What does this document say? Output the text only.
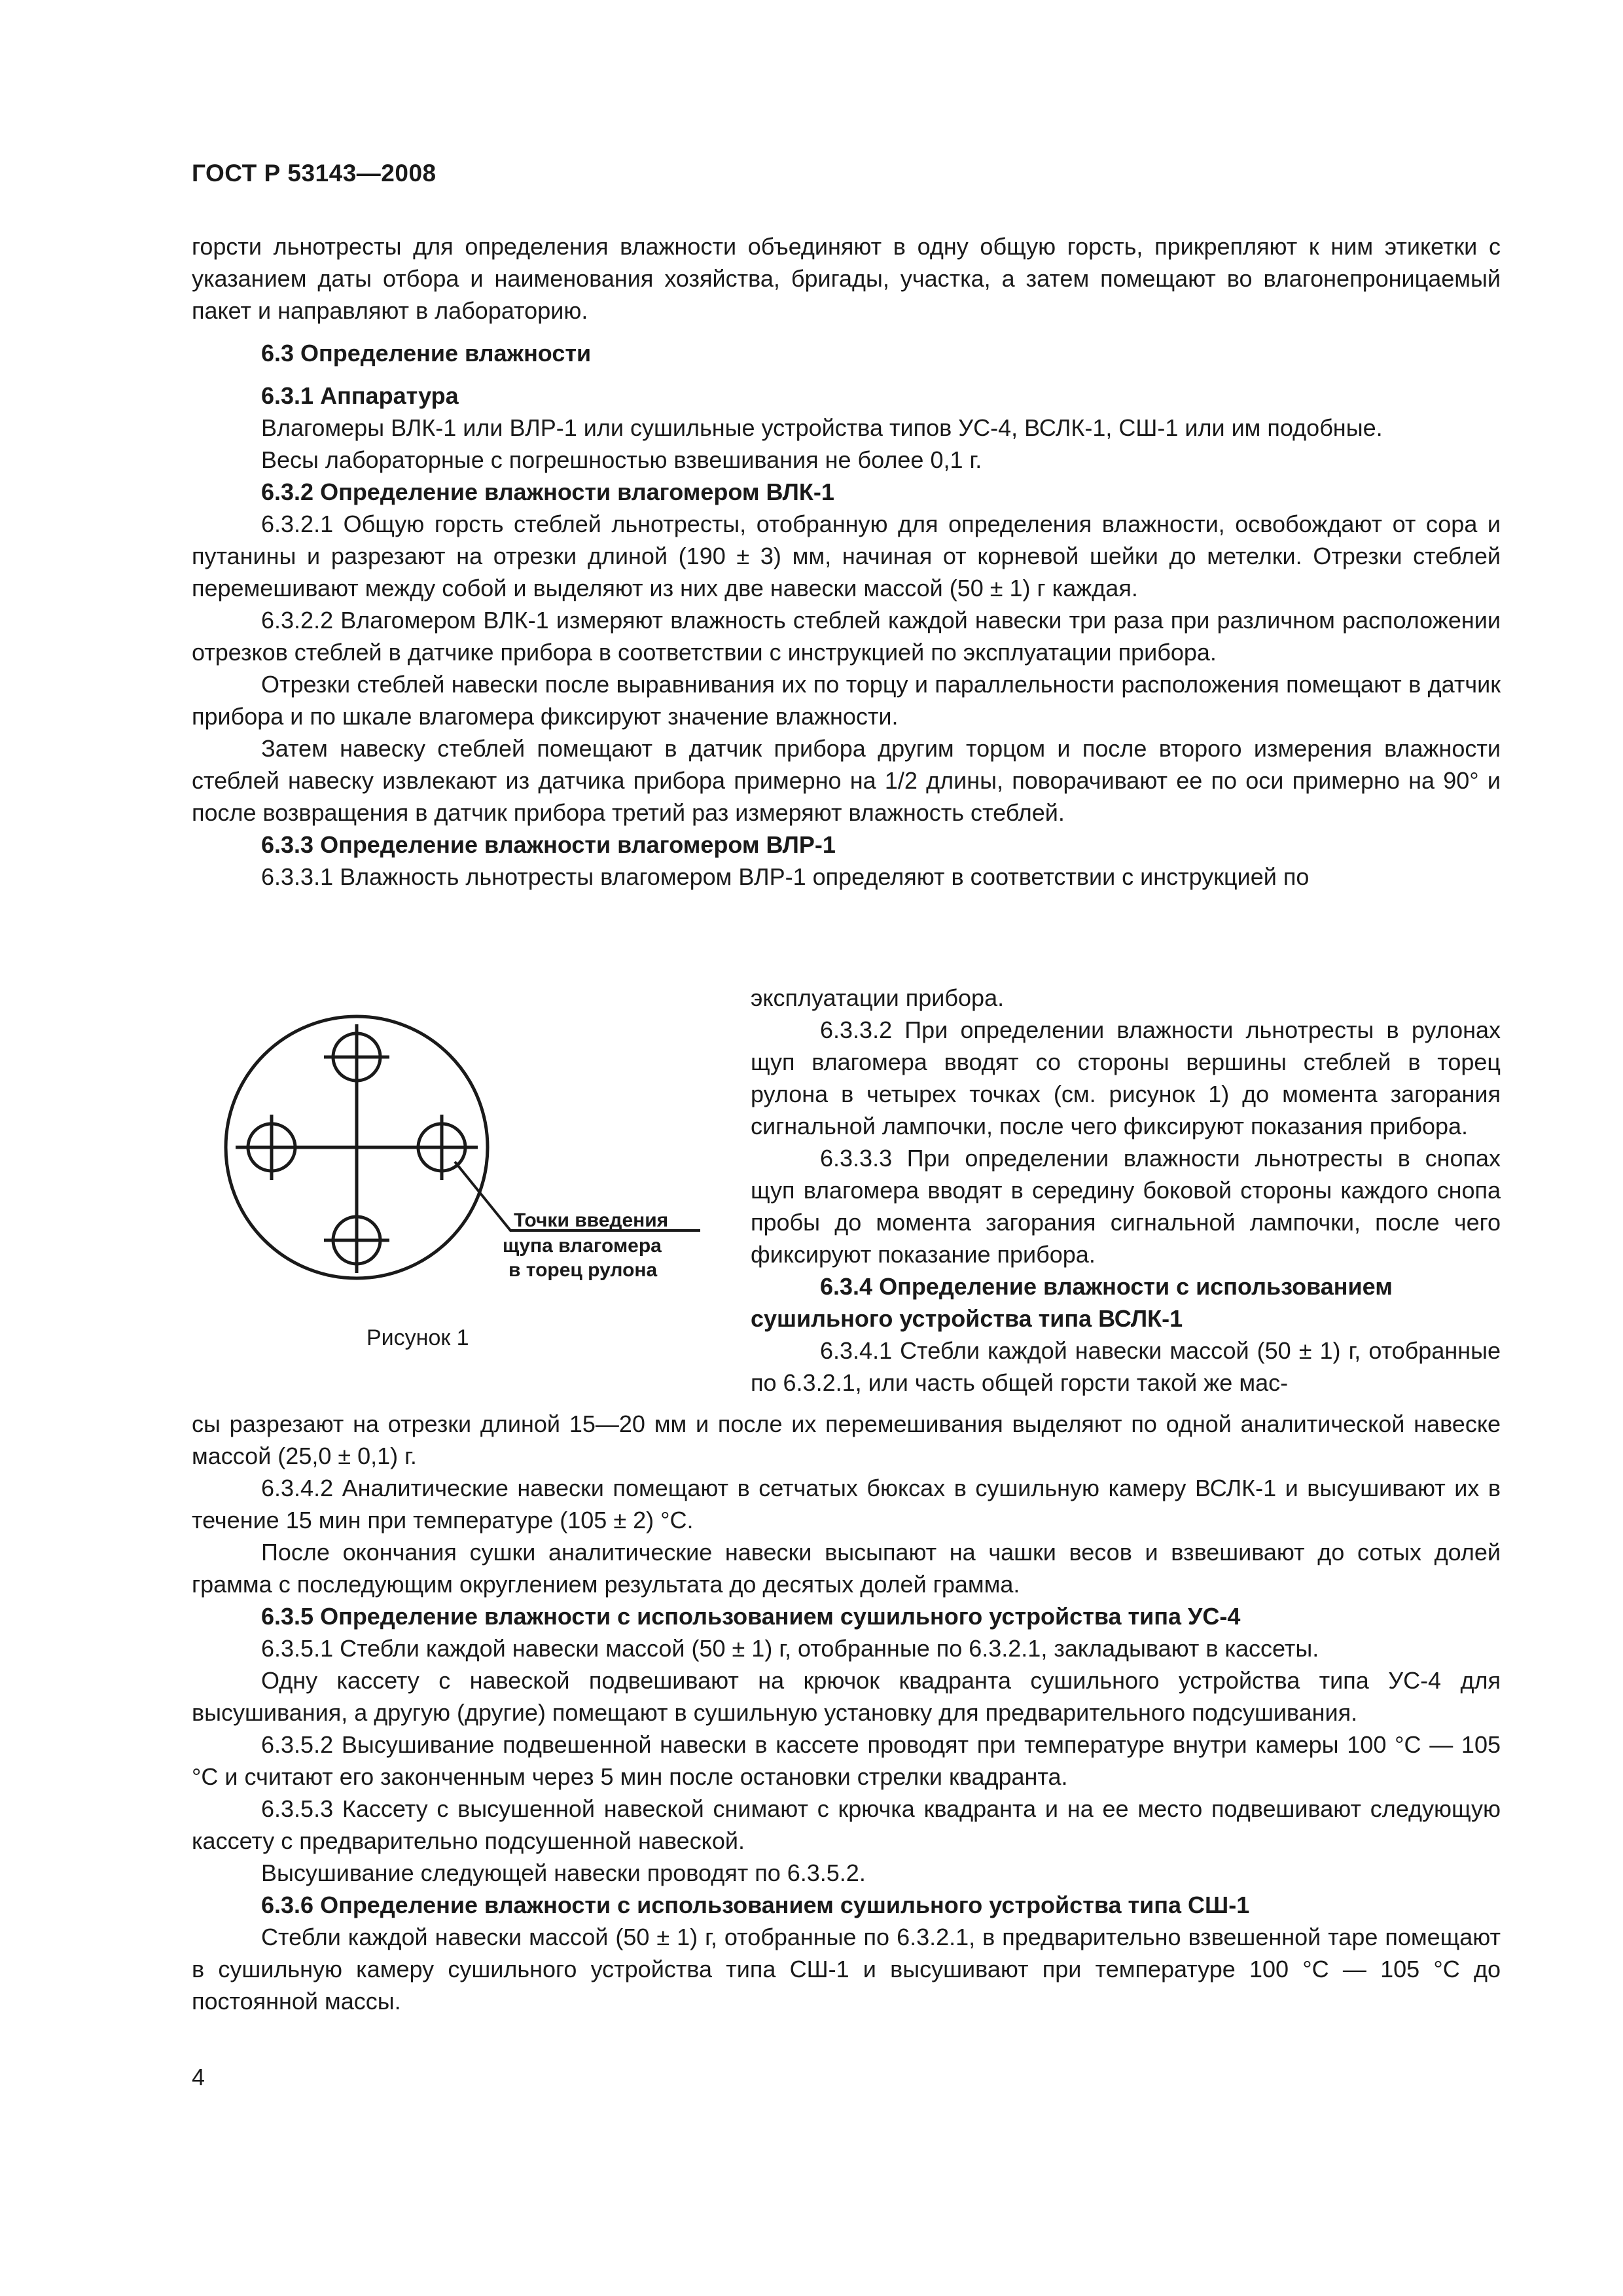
ГОСТ Р 53143—2008

горсти льнотресты для определения влажности объединяют в одну общую горсть, прикрепляют к ним этикетки с указанием даты отбора и наименования хозяйства, бригады, участка, а затем помещают во влагонепроницаемый пакет и направляют в лабораторию.

6.3 Определение влажности

6.3.1 Аппаратура

Влагомеры ВЛК-1 или ВЛР-1 или сушильные устройства типов УС-4, ВСЛК-1, СШ-1 или им подобные.

Весы лабораторные с погрешностью взвешивания не более 0,1 г.

6.3.2 Определение влажности влагомером ВЛК-1

6.3.2.1 Общую горсть стеблей льнотресты, отобранную для определения влажности, освобождают от сора и путанины и разрезают на отрезки длиной (190 ± 3) мм, начиная от корневой шейки до метелки. Отрезки стеблей перемешивают между собой и выделяют из них две навески массой (50 ± 1) г каждая.

6.3.2.2 Влагомером ВЛК-1 измеряют влажность стеблей каждой навески три раза при различном расположении отрезков стеблей в датчике прибора в соответствии с инструкцией по эксплуатации прибора.

Отрезки стеблей навески после выравнивания их по торцу и параллельности расположения помещают в датчик прибора и по шкале влагомера фиксируют значение влажности.

Затем навеску стеблей помещают в датчик прибора другим торцом и после второго измерения влажности стеблей навеску извлекают из датчика прибора примерно на 1/2 длины, поворачивают ее по оси примерно на 90° и после возвращения в датчик прибора третий раз измеряют влажность стеблей.

6.3.3 Определение влажности влагомером ВЛР-1

6.3.3.1 Влажность льнотресты влагомером ВЛР-1 определяют в соответствии с инструкцией по

эксплуатации прибора.

6.3.3.2 При определении влажности льнотресты в рулонах щуп влагомера вводят со стороны вершины стеблей в торец рулона в четырех точках (см. рисунок 1) до момента загорания сигнальной лампочки, после чего фиксируют показания прибора.

6.3.3.3 При определении влажности льнотресты в снопах щуп влагомера вводят в середину боковой стороны каждого снопа пробы до момента загорания сигнальной лампочки, после чего фиксируют показание прибора.

6.3.4 Определение влажности с использованием сушильного устройства типа ВСЛК-1

6.3.4.1 Стебли каждой навески массой (50 ± 1) г, отобранные по 6.3.2.1, или часть общей горсти такой же мас-

Точки введения
щупа влагомера
в торец рулона
Рисунок 1

сы разрезают на отрезки длиной 15—20 мм и после их перемешивания выделяют по одной аналитической навеске массой (25,0 ± 0,1) г.

6.3.4.2 Аналитические навески помещают в сетчатых бюксах в сушильную камеру ВСЛК-1 и высушивают их в течение 15 мин при температуре (105 ± 2) °С.

После окончания сушки аналитические навески высыпают на чашки весов и взвешивают до сотых долей грамма с последующим округлением результата до десятых долей грамма.

6.3.5 Определение влажности с использованием сушильного устройства типа УС-4

6.3.5.1 Стебли каждой навески массой (50 ± 1) г, отобранные по 6.3.2.1, закладывают в кассеты.

Одну кассету с навеской подвешивают на крючок квадранта сушильного устройства типа УС-4 для высушивания, а другую (другие) помещают в сушильную установку для предварительного подсушивания.

6.3.5.2 Высушивание подвешенной навески в кассете проводят при температуре внутри камеры 100 °С — 105 °С и считают его законченным через 5 мин после остановки стрелки квадранта.

6.3.5.3 Кассету с высушенной навеской снимают с крючка квадранта и на ее место подвешивают следующую кассету с предварительно подсушенной навеской.

Высушивание следующей навески проводят по 6.3.5.2.

6.3.6 Определение влажности с использованием сушильного устройства типа СШ-1

Стебли каждой навески массой (50 ± 1) г, отобранные по 6.3.2.1, в предварительно взвешенной таре помещают в сушильную камеру сушильного устройства типа СШ-1 и высушивают при температуре 100 °С — 105 °С до постоянной массы.

4
